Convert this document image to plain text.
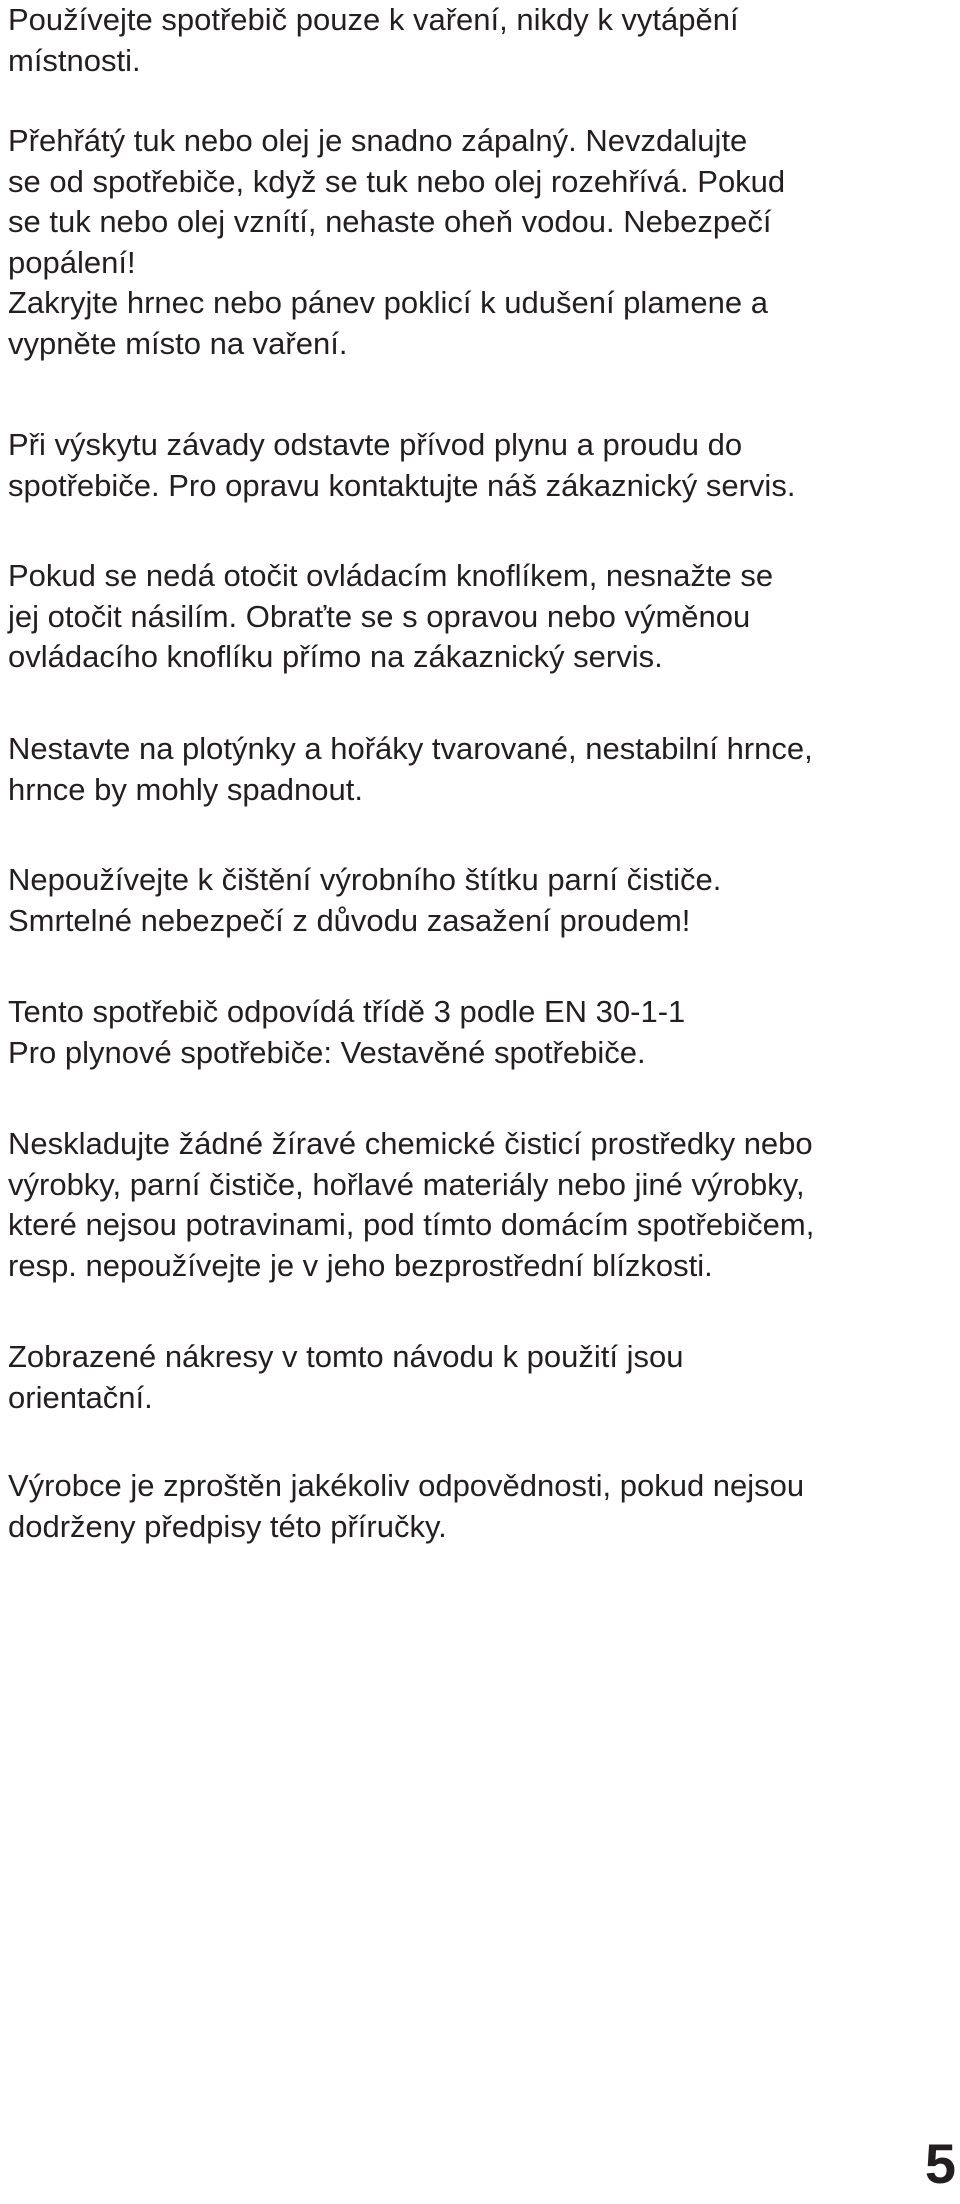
Používejte spotřebič pouze k vaření, nikdy k vytápění
místnosti.

Přehřátý tuk nebo olej je snadno zápalný. Nevzdalujte
se od spotřebiče, když se tuk nebo olej rozehřívá. Pokud
se tuk nebo olej vznítí, nehaste oheň vodou. Nebezpečí
popálení!
Zakryjte hrnec nebo pánev poklicí k udušení plamene a
vypněte místo na vaření.

Při výskytu závady odstavte přívod plynu a proudu do
spotřebiče. Pro opravu kontaktujte náš zákaznický servis.

Pokud se nedá otočit ovládacím knoflíkem, nesnažte se
jej otočit násilím. Obraťte se s opravou nebo výměnou
ovládacího knoflíku přímo na zákaznický servis.

Nestavte na plotýnky a hořáky tvarované, nestabilní hrnce,
hrnce by mohly spadnout.

Nepoužívejte k čištění výrobního štítku parní čističe.
Smrtelné nebezpečí z důvodu zasažení proudem!

Tento spotřebič odpovídá třídě 3 podle EN 30-1-1
Pro plynové spotřebiče: Vestavěné spotřebiče.

Neskladujte žádné žíravé chemické čisticí prostředky nebo
výrobky, parní čističe, hořlavé materiály nebo jiné výrobky,
které nejsou potravinami, pod tímto domácím spotřebičem,
resp. nepoužívejte je v jeho bezprostřední blízkosti.

Zobrazené nákresy v tomto návodu k použití jsou
orientační.

Výrobce je zproštěn jakékoliv odpovědnosti, pokud nejsou
dodrženy předpisy této příručky.

5
